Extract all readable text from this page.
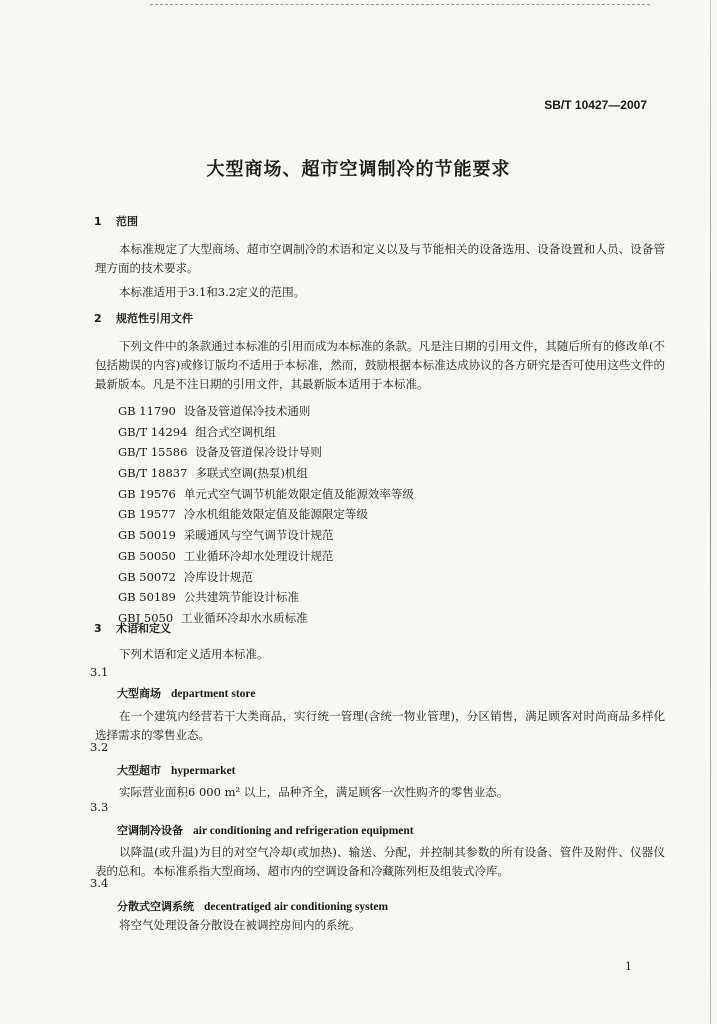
SB/T 10427—2007
大型商场、超市空调制冷的节能要求
1 范围
本标准规定了大型商场、超市空调制冷的术语和定义以及与节能相关的设备选用、设备设置和人员、设备管理方面的技术要求。
本标准适用于3.1和3.2定义的范围。
2 规范性引用文件
下列文件中的条款通过本标准的引用而成为本标准的条款。凡是注日期的引用文件，其随后所有的修改单(不包括勘误的内容)或修订版均不适用于本标准，然而，鼓励根据本标准达成协议的各方研究是否可使用这些文件的最新版本。凡是不注日期的引用文件，其最新版本适用于本标准。
GB 11790 设备及管道保冷技术通则
GB/T 14294 组合式空调机组
GB/T 15586 设备及管道保冷设计导则
GB/T 18837 多联式空调(热泵)机组
GB 19576 单元式空气调节机能效限定值及能源效率等级
GB 19577 冷水机组能效限定值及能源限定等级
GB 50019 采暖通风与空气调节设计规范
GB 50050 工业循环冷却水处理设计规范
GB 50072 冷库设计规范
GB 50189 公共建筑节能设计标准
GBJ 5050 工业循环冷却水水质标准
3 术语和定义
下列术语和定义适用本标准。
3.1
大型商场 department store
在一个建筑内经营若干大类商品，实行统一管理(含统一物业管理)，分区销售，满足顾客对时尚商品多样化选择需求的零售业态。
3.2
大型超市 hypermarket
实际营业面积6 000 m² 以上，品种齐全，满足顾客一次性购齐的零售业态。
3.3
空调制冷设备 air conditioning and refrigeration equipment
以降温(或升温)为目的对空气冷却(或加热)、输送、分配，并控制其参数的所有设备、管件及附件、仪器仪表的总和。本标准系指大型商场、超市内的空调设备和冷藏陈列柜及组装式冷库。
3.4
分散式空调系统 decentratiged air conditioning system
将空气处理设备分散设在被调控房间内的系统。
1
